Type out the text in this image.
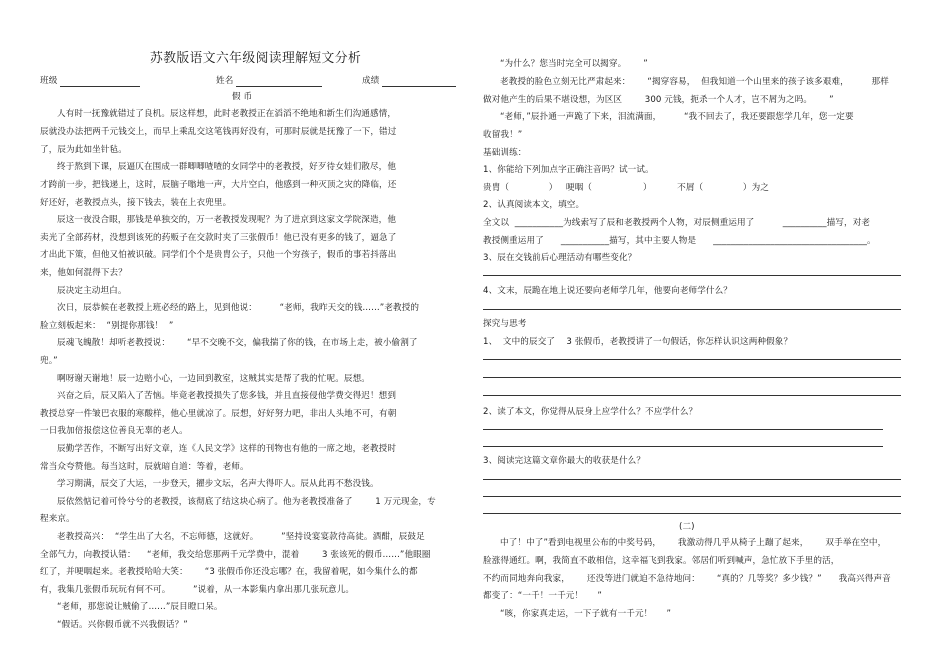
苏教版语文六年级阅读理解短文分析
班级	姓名	成绩
假 币
人有时一抚豫就错过了良机。辰这样想，此时老教授正在滔滔不绝地和新生们沟通感情，
辰就没办法把两千元钱交上，而早上乘乱交这笔钱再好没有，可那时辰就是抚豫了一下，错过
了，辰为此如坐针毡。
终于熬到下课，辰逼仄在围成一群唧唧喳喳的女同学中的老教授，好歹待女娃们散尽，他
才跨前一步，把钱递上，这时，辰脑子嗡地一声，大片空白，他感到一种灭顶之灾的降临，还
好还好，老教授点头，接下钱去，装在上衣兜里。
辰这一夜没合眼，那钱是单独交的，万一老教授发现呢？为了进京到这家文学院深造，他
卖光了全部药材，没想到该死的药贩子在交款时夹了三张假币！他已没有更多的钱了，逼急了
才出此下策，但他又怕被识破。同学们个个是贵胄公子，只他一个穷孩子，假币的事若抖落出
来，他如何混得下去？
辰决定主动坦白。
次日，辰恭候在老教授上班必经的路上，见到他说：        “老师，我昨天交的钱……”老教授的
脸立刻板起来：  “别提你那钱！  ”
辰魂飞魄散！却听老教授说：      “早不交晚不交，偏我揣了你的钱，在市场上走，被小偷割了
兜。”
啊呀谢天谢地！辰一边赔小心，一边回到教室，这贼其实是帮了我的忙呢。辰想。
兴奋之后，辰又陷入了苦恼。毕竟老教授损失了您多钱，并且直接侵他学费交得迟！想到
教授总穿一件皱巴衣服的寒酸样，他心里就凉了。辰想，好好努力吧，非出人头地不可，有朝
一日我加倍报偿这位善良无辜的老人。
辰勤学苦作，不断写出好文章，连《人民文学》这样的刊物也有他的一席之地，老教授时
常当众夸赞他。每当这时，辰就暗自道：等着，老师。
学习期满，辰交了大运，一步登天，擢步文坛，名声大得吓人。辰从此再不愁没钱。
辰依然惦记着可怜兮兮的老教授，该彻底了结这块心病了。他为老教授准备了        1 万元现金，专
程来京。
老教授高兴：  “学生出了大名，不忘师德，这就好。        ”坚持设宴宴款待高徒。酒酣，辰鼓足
全部气力，向教授认错：    “老师，我交给您那两千元学费中，混着        3 张该死的假币……”他眼圈
红了，并哽咽起来。老教授哈哈大笑：      “3 张假币你还没忘哪？在，我留着呢，如今集什么的都
有，我集几张假币玩玩有何不可。        ”说着，从一本影集内拿出那几张玩意儿。
“老师，那您说让贼偷了……”辰目瞪口呆。
“假话。兴你假币就不兴我假话？”
“为什么？您当时完全可以揭穿。      ”
老教授的脸色立刻无比严肃起来：      “揭穿容易，  但我知道一个山里来的孩子该多艰难，        那样
做对他产生的后果不堪设想，为区区        300 元钱，扼杀一个人才，岂不屑为之吗。      ”
“老师，”辰扑通一声跪了下来，泪流满面，        “我不回去了，我还要跟您学几年，您一定要
收留我！”
基础训练：
1、你能给下列加点字正确注音吗？试一试。
贵胄（              ）   哽咽（                  ）         不屑（              ）为之
2、认真阅读本文，填空。
全文以  ___________为线索写了辰和老教授两个人物，对辰侧重运用了          __________描写，对老
教授侧重运用了      ___________描写，其中主要人物是      ___________________________________。
3、辰在交钱前后心理活动有哪些变化？
4、文末，辰跪在地上说还要向老师学几年，他要向老师学什么？
探究与思考
1、  文中的辰交了    3 张假币，老教授讲了一句假话，你怎样认识这两种假象？
2、读了本文，你觉得从辰身上应学什么？不应学什么？
3、阅读完这篇文章你最大的收获是什么？
(二)
中了！中了”看到电视里公布的中奖号码，      我激动得几乎从椅子上蹦了起来，      双手举在空中，
脸涨得通红。啊，我简直不敢相信，这幸福飞到我家。邻居们听到喊声，急忙放下手里的活，
不约而同地奔向我家，      还没等进门就迫不急待地问：      “真的？几等奖？多少钱？”      我高兴得声音
都变了：“一千！一千元！     ”
“咳，你家真走运，一下子就有一千元！     ”
